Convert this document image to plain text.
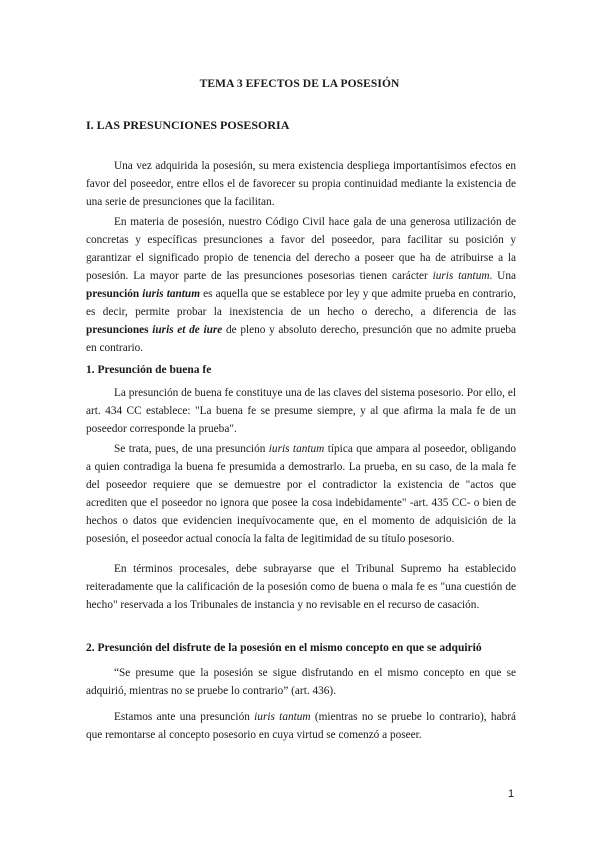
TEMA 3 EFECTOS DE LA POSESIÓN
I. LAS PRESUNCIONES POSESORIA

Una vez adquirida la posesión, su mera existencia despliega importantísimos efectos en favor del poseedor, entre ellos el de favorecer su propia continuidad mediante la existencia de una serie de presunciones que la facilitan.

En materia de posesión, nuestro Código Civil hace gala de una generosa utilización de concretas y específicas presunciones a favor del poseedor, para facilitar su posición y garantizar el significado propio de tenencia del derecho a poseer que ha de atribuirse a la posesión. La mayor parte de las presunciones posesorias tienen carácter iuris tantum. Una presunción iuris tantum es aquella que se establece por ley y que admite prueba en contrario, es decir, permite probar la inexistencia de un hecho o derecho, a diferencia de las presunciones iuris et de iure de pleno y absoluto derecho, presunción que no admite prueba en contrario.

1. Presunción de buena fe

La presunción de buena fe constituye una de las claves del sistema posesorio. Por ello, el art. 434 CC establece: "La buena fe se presume siempre, y al que afirma la mala fe de un poseedor corresponde la prueba".

Se trata, pues, de una presunción iuris tantum típica que ampara al poseedor, obligando a quien contradiga la buena fe presumida a demostrarlo. La prueba, en su caso, de la mala fe del poseedor requiere que se demuestre por el contradictor la existencia de "actos que acrediten que el poseedor no ignora que posee la cosa indebidamente" -art. 435 CC- o bien de hechos o datos que evidencien inequívocamente que, en el momento de adquisición de la posesión, el poseedor actual conocía la falta de legitimidad de su título posesorio.

En términos procesales, debe subrayarse que el Tribunal Supremo ha establecido reiteradamente que la calificación de la posesión como de buena o mala fe es "una cuestión de hecho" reservada a los Tribunales de instancia y no revisable en el recurso de casación.

2. Presunción del disfrute de la posesión en el mismo concepto en que se adquirió

“Se presume que la posesión se sigue disfrutando en el mismo concepto en que se adquirió, mientras no se pruebe lo contrario” (art. 436).

Estamos ante una presunción iuris tantum (mientras no se pruebe lo contrario), habrá que remontarse al concepto posesorio en cuya virtud se comenzó a poseer.

1
